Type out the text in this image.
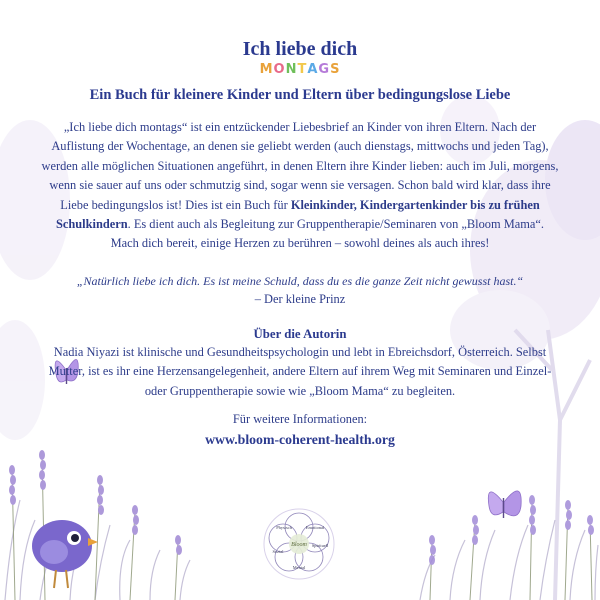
Ich liebe dich
MONTAGS
Ein Buch für kleinere Kinder und Eltern über bedingungslose Liebe
„Ich liebe dich montags“ ist ein entzückender Liebesbrief an Kinder von ihren Eltern. Nach der Auflistung der Wochentage, an denen sie geliebt werden (auch dienstags, mittwochs und jeden Tag), werden alle möglichen Situationen angeführt, in denen Eltern ihre Kinder lieben: auch im Juli, morgens, wenn sie sauer auf uns oder schmutzig sind, sogar wenn sie versagen. Schon bald wird klar, dass ihre Liebe bedingungslos ist! Dies ist ein Buch für Kleinkinder, Kindergartenkinder bis zu frühen Schulkindern. Es dient auch als Begleitung zur Gruppentherapie/Seminaren von „Bloom Mama“.
Mach dich bereit, einige Herzen zu berühren – sowohl deines als auch ihres!
„Natürlich liebe ich dich. Es ist meine Schuld, dass du es die ganze Zeit nicht gewusst hast.“
– Der kleine Prinz
Über die Autorin
Nadia Niyazi ist klinische und Gesundheitspsychologin und lebt in Ebreichsdorf, Österreich. Selbst Mutter, ist es ihr eine Herzensangelegenheit, andere Eltern auf ihrem Weg mit Seminaren und Einzel- oder Gruppentherapie sowie wie „Bloom Mama“ zu begleiten.
Für weitere Informationen:
www.bloom-coherent-health.org
Bloom
Physisch	Emotional
Spirituell
Mental
Sozial
